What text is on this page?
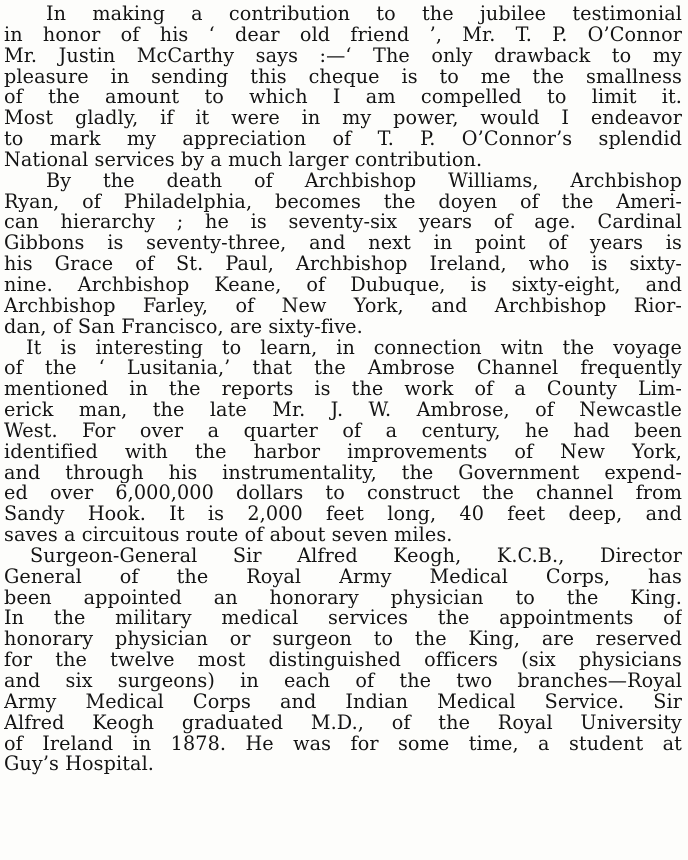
In making a contribution to the jubilee testimonial
in honor of his ‘ dear old friend ’, Mr. T. P. O’Connor
Mr. Justin McCarthy says :—‘ The only drawback to my
pleasure in sending this cheque is to me the smallness
of the amount to which I am compelled to limit it.
Most gladly, if it were in my power, would I endeavor
to mark my appreciation of T. P. O’Connor’s splendid
National services by a much larger contribution.
By the death of Archbishop Williams, Archbishop
Ryan, of Philadelphia, becomes the doyen of the Ameri-
can hierarchy ; he is seventy-six years of age. Cardinal
Gibbons is seventy-three, and next in point of years is
his Grace of St. Paul, Archbishop Ireland, who is sixty-
nine. Archbishop Keane, of Dubuque, is sixty-eight, and
Archbishop Farley, of New York, and Archbishop Rior-
dan, of San Francisco, are sixty-five.
It is interesting to learn, in connection witn the voyage
of the ‘ Lusitania,’ that the Ambrose Channel frequently
mentioned in the reports is the work of a County Lim-
erick man, the late Mr. J. W. Ambrose, of Newcastle
West. For over a quarter of a century, he had been
identified with the harbor improvements of New York,
and through his instrumentality, the Government expend-
ed over 6,000,000 dollars to construct the channel from
Sandy Hook. It is 2,000 feet long, 40 feet deep, and
saves a circuitous route of about seven miles.
Surgeon-General Sir Alfred Keogh, K.C.B., Director
General of the Royal Army Medical Corps, has
been appointed an honorary physician to the King.
In the military medical services the appointments of
honorary physician or surgeon to the King, are reserved
for the twelve most distinguished officers (six physicians
and six surgeons) in each of the two branches—Royal
Army Medical Corps and Indian Medical Service. Sir
Alfred Keogh graduated M.D., of the Royal University
of Ireland in 1878. He was for some time, a student at
Guy’s Hospital.
